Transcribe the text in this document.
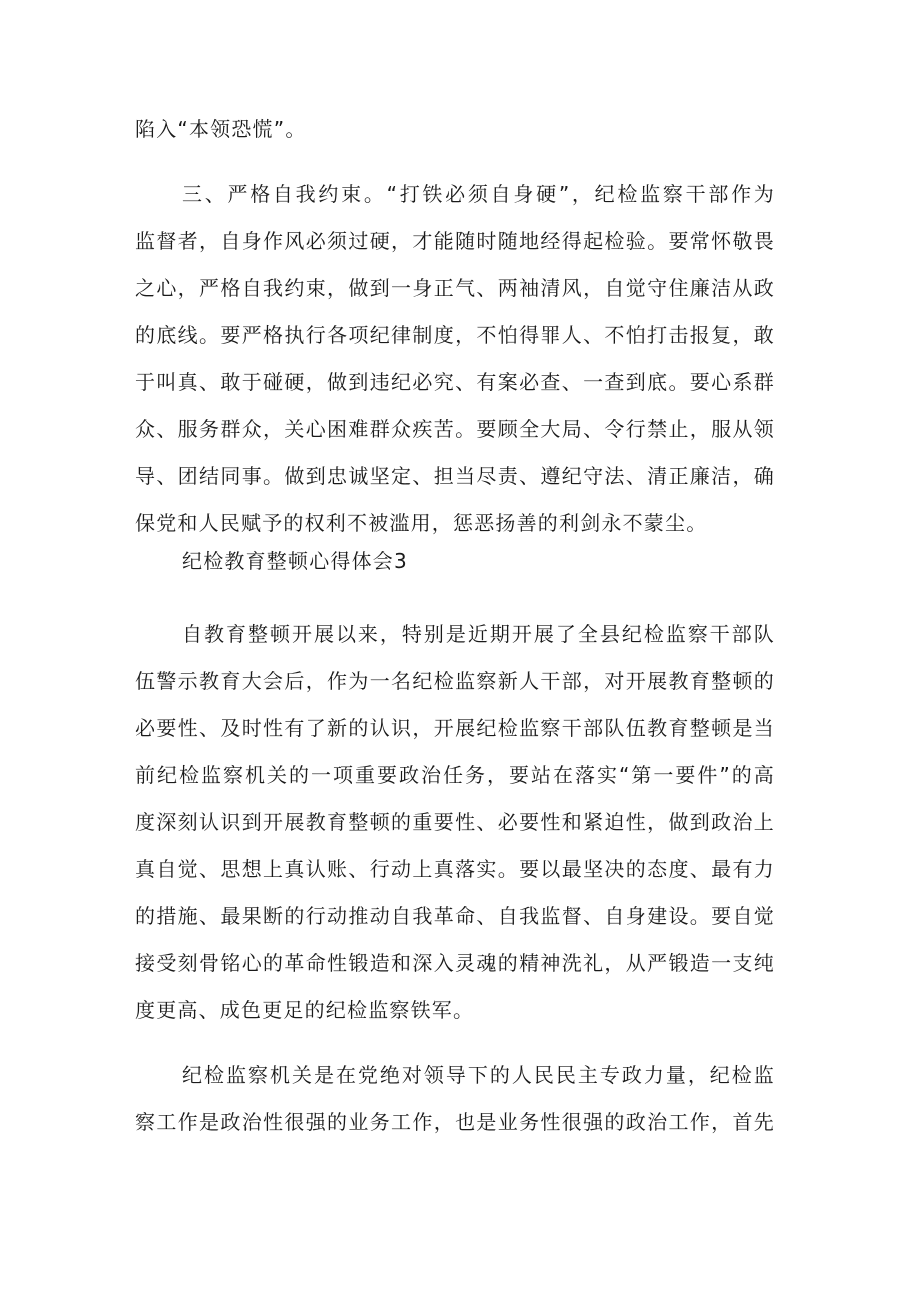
陷入“本领恐慌”。
三、严格自我约束。“打铁必须自身硬”，纪检监察干部作为
监督者，自身作风必须过硬，才能随时随地经得起检验。要常怀敬畏
之心，严格自我约束，做到一身正气、两袖清风，自觉守住廉洁从政
的底线。要严格执行各项纪律制度，不怕得罪人、不怕打击报复，敢
于叫真、敢于碰硬，做到违纪必究、有案必查、一查到底。要心系群
众、服务群众，关心困难群众疾苦。要顾全大局、令行禁止，服从领
导、团结同事。做到忠诚坚定、担当尽责、遵纪守法、清正廉洁，确
保党和人民赋予的权利不被滥用，惩恶扬善的利剑永不蒙尘。
纪检教育整顿心得体会3
自教育整顿开展以来，特别是近期开展了全县纪检监察干部队
伍警示教育大会后，作为一名纪检监察新人干部，对开展教育整顿的
必要性、及时性有了新的认识，开展纪检监察干部队伍教育整顿是当
前纪检监察机关的一项重要政治任务，要站在落实“第一要件”的高
度深刻认识到开展教育整顿的重要性、必要性和紧迫性，做到政治上
真自觉、思想上真认账、行动上真落实。要以最坚决的态度、最有力
的措施、最果断的行动推动自我革命、自我监督、自身建设。要自觉
接受刻骨铭心的革命性锻造和深入灵魂的精神洗礼，从严锻造一支纯
度更高、成色更足的纪检监察铁军。
纪检监察机关是在党绝对领导下的人民民主专政力量，纪检监
察工作是政治性很强的业务工作，也是业务性很强的政治工作，首先
